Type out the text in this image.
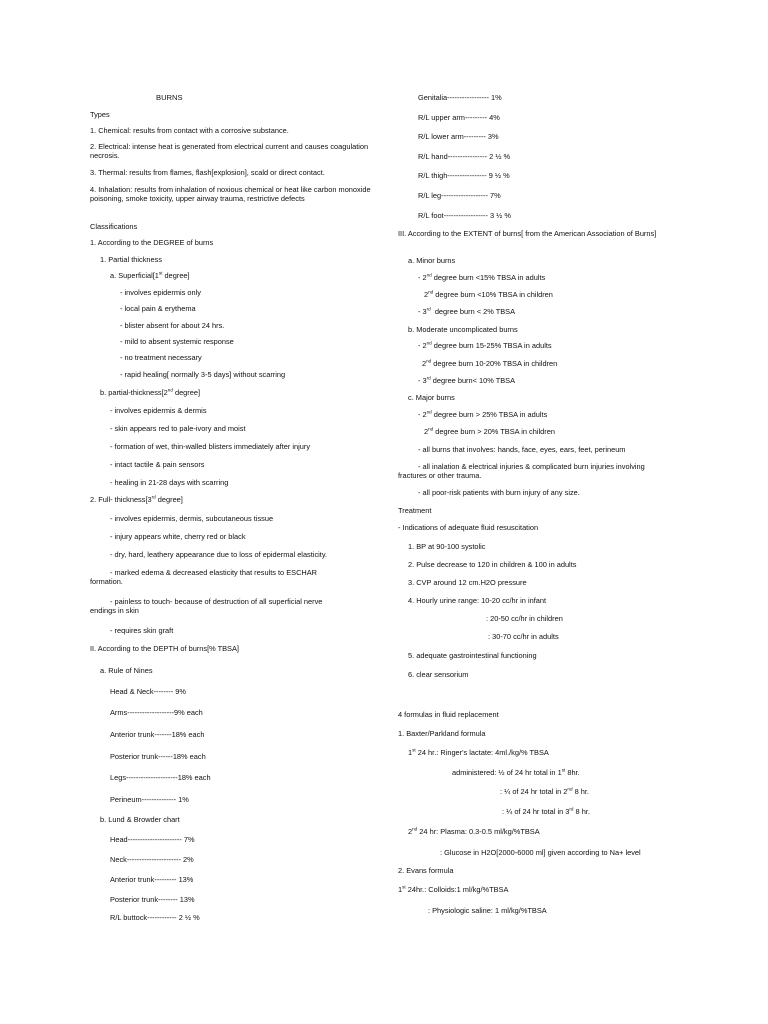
BURNS
Types
1. Chemical: results from contact with a corrosive substance.
2. Electrical: intense heat is generated from electrical current and causes coagulation necrosis.
3. Thermal: results from flames, flash[explosion], scald or direct contact.
4. Inhalation: results from inhalation of noxious chemical or heat like carbon monoxide poisoning, smoke toxicity, upper airway trauma, restrictive defects
Classifications
1. According to the DEGREE of burns
1. Partial thickness
a. Superficial[1st degree]
- involves epidermis only
- local pain & erythema
- blister absent for about 24 hrs.
- mild to absent systemic response
- no treatment necessary
- rapid healing[ normally 3-5 days] without scarring
b. partial-thickness[2nd degree]
- involves epidermis & dermis
- skin appears red to pale-ivory and moist
- formation of wet, thin-walled blisters immediately after injury
- intact tactile & pain sensors
- healing in 21-28 days with scarring
2. Full- thickness[3rd degree]
- involves epidermis, dermis, subcutaneous tissue
- injury appears white, cherry red or black
- dry, hard, leathery appearance due to loss of epidermal elasticity.
- marked edema & decreased elasticity that results to ESCHAR
formation.
- painless to touch- because of destruction of all superficial nerve
endings in skin
- requires skin graft
II. According to the DEPTH of burns[% TBSA]
a. Rule of Nines
Head & Neck-------- 9%
Arms-------------------9% each
Anterior trunk-------18% each
Posterior trunk------18% each
Legs---------------------18% each
Perineum-------------- 1%
b. Lund & Browder chart
Head---------------------- 7%
Neck---------------------- 2%
Anterior trunk--------- 13%
Posterior trunk-------- 13%
R/L buttock------------ 2 ½ %
Genitalia----------------- 1%
R/L upper arm--------- 4%
R/L lower arm--------- 3%
R/L hand---------------- 2 ½ %
R/L thigh---------------- 9 ½ %
R/L leg------------------- 7%
R/L foot------------------ 3 ½ %
III. According to the EXTENT of burns[ from the American Association of Burns]
a. Minor burns
- 2nd degree burn <15% TBSA in adults
2nd degree burn <10% TBSA in children
- 3rd  degree burn < 2% TBSA
b. Moderate uncomplicated burns
- 2nd degree burn 15-25% TBSA in adults
2nd degree burn 10-20% TBSA in children
- 3rd degree burn< 10% TBSA
c. Major burns
- 2nd degree burn > 25% TBSA in adults
2nd degree burn > 20% TBSA in children
- all burns that involves: hands, face, eyes, ears, feet, perineum
- all inalation & electrical injuries & complicated burn injuries involving
fractures or other trauma.
- all poor-risk patients with burn injury of any size.
Treatment
- Indications of adequate fluid resuscitation
1. BP at 90-100 systolic
2. Pulse decrease to 120 in children & 100 in adults
3. CVP around 12 cm.H2O pressure
4. Hourly urine range: 10-20 cc/hr in infant
: 20-50 cc/hr in children
: 30-70 cc/hr in adults
5. adequate gastrointestinal functioning
6. clear sensorium
4 formulas in fluid replacement
1. Baxter/Parkland formula
1st 24 hr.: Ringer's lactate: 4ml./kg/% TBSA
administered: ½ of 24 hr total in 1st 8hr.
: ¼ of 24 hr total in 2nd 8 hr.
: ¼ of 24 hr total in 3rd 8 hr.
2nd 24 hr: Plasma: 0.3-0.5 ml/kg/%TBSA
: Glucose in H2O[2000-6000 ml] given according to Na+ level
2. Evans formula
1st 24hr.: Colloids:1 ml/kg/%TBSA
: Physiologic saline: 1 ml/kg/%TBSA
